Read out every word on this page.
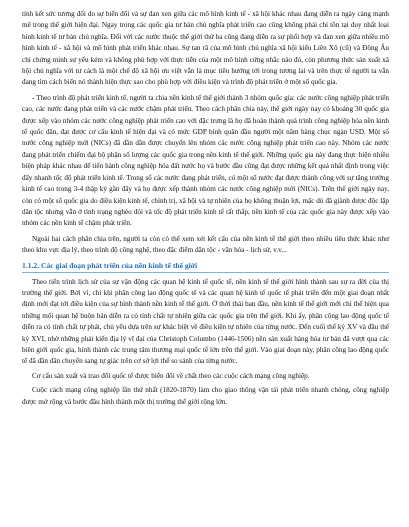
tính kết sức tương đối do sự biến đổi và sự đan xen giữa các mô hình kinh tế - xã hội khác nhau đang diễn ra ngày càng mạnh mẽ trong thế giới hiện đại. Ngay trong các quốc gia tư bản chủ nghĩa phát triển cao cũng không phải chỉ tồn tại duy nhất loại hình kinh tế tư bản chủ nghĩa. Đối với các nước thuộc thế giới thứ ba cũng đang diễn ra sự phối hợp và đan xen giữa nhiều mô hình kinh tế - xã hội và mô hình phát triển khác nhau. Sự tan rã của mô hình chủ nghĩa xã hội kiểu Liên Xô (cũ) và Đông Âu chỉ chứng minh sự yếu kém và không phù hợp với thực tiễn của một mô hình cứng nhắc nào đó, còn phương thức sản xuất xã hội chủ nghĩa với tư cách là một chế độ xã hội ưu việt vẫn là mục tiêu hướng tới trong tương lai và trên thực tế người ta vẫn đang tìm cách biến nó thành hiện thực sao cho phù hợp với điều kiện và trình độ phát triển ở một số quốc gia.

- Theo trình độ phát triển kinh tế, người ta chia nền kinh tế thế giới thành 3 nhóm quốc gia: các nước công nghiệp phát triển cao, các nước đang phát triển và các nước chậm phát triển. Theo cách phân chia này, thế giới ngày nay có khoảng 30 quốc gia được xếp vào nhóm các nước công nghiệp phát triển cao với đặc trưng là họ đã hoàn thành quá trình công nghiệp hóa nền kinh tế quốc dân, đạt được cơ cấu kinh tế hiện đại và có mức GDP bình quân đầu người một năm hàng chục ngàn USD. Một số nước công nghiệp mới (NICs) đã dần dần được chuyển lên nhóm các nước công nghiệp phát triển cao này. Nhóm các nước đang phát triển chiếm đại bộ phận số lượng các quốc gia trong nền kinh tế thế giới. Những quốc gia này đang thực hiện nhiều biện pháp khác nhau để tiến hành công nghiệp hóa đất nước họ và bước đầu cũng đạt được những kết quả nhất định trong việc đẩy nhanh tốc độ phát triển kinh tế. Trong số các nước đang phát triển, có một số nước đạt được thành công với sự tăng trưởng kinh tế cao trong 3-4 thập kỷ gần đây và họ được xếp thành nhóm các nước công nghiệp mới (NICs). Trên thế giới ngày nay, còn có một số quốc gia do điều kiện kinh tế, chính trị, xã hội và tự nhiên của họ không thuận lợi, mặc dù đã giành được độc lập dân tộc nhưng vẫn ở tình trạng nghèo đói và tốc độ phát triển kinh tế rất thấp, nền kinh tế của các quốc gia này được xếp vào nhóm các nền kinh tế chậm phát triển.

Ngoài hai cách phân chia trên, người ta còn có thể xem xét kết cấu của nền kinh tế thế giới theo nhiều tiêu thức khác như theo khu vực địa lý, theo trình độ công nghệ, theo đặc điểm dân tộc - văn hóa - lịch sử, v.v...

1.1.2. Các giai đoạn phát triển của nền kinh tế thế giới

Theo tiến trình lịch sử của sự vận động các quan hệ kinh tế quốc tế, nền kinh tế thế giới hình thành sau sự ra đời của thị trường thế giới. Bởi vì, chỉ khi phân công lao động quốc tế và các quan hệ kinh tế quốc tế phát triển đến một giai đoạn nhất định mới đạt tới điều kiện của sự hình thành nền kinh tế thế giới. Ở thời thái ban đầu, nền kinh tế thế giới mới chỉ thể hiện qua những mối quan hệ buôn bán diễn ra có tính chất tự nhiên giữa các quốc gia trên thế giới. Khi ấy, phân công lao động quốc tế diễn ra có tính chất tự phát, chủ yếu dựa trên sự khác biệt về điều kiện tự nhiên của từng nước. Đến cuối thế kỷ XV và đầu thế kỷ XVI, nhờ những phát kiến địa lý vĩ đại của Christoph Columbo (1446-1506) nền sản xuất hàng hóa tư bản đã vượt qua các biên giới quốc gia, hình thành các trung tâm thương mại quốc tế lớn trên thế giới. Vào giai đoạn này, phân công lao động quốc tế đã dần dần chuyển sang tự giác trên cơ sở lợi thế so sánh của từng nước.

Cơ cấu sản xuất và trao đổi quốc tế được biến đổi về chất theo các cuộc cách mạng công nghiệp.

Cuộc cách mạng công nghiệp lần thứ nhất (1820-1870) làm cho giao thông vận tải phát triển nhanh chóng, công nghiệp được mở rộng và bước đầu hình thành một thị trường thế giới rộng lớn.
